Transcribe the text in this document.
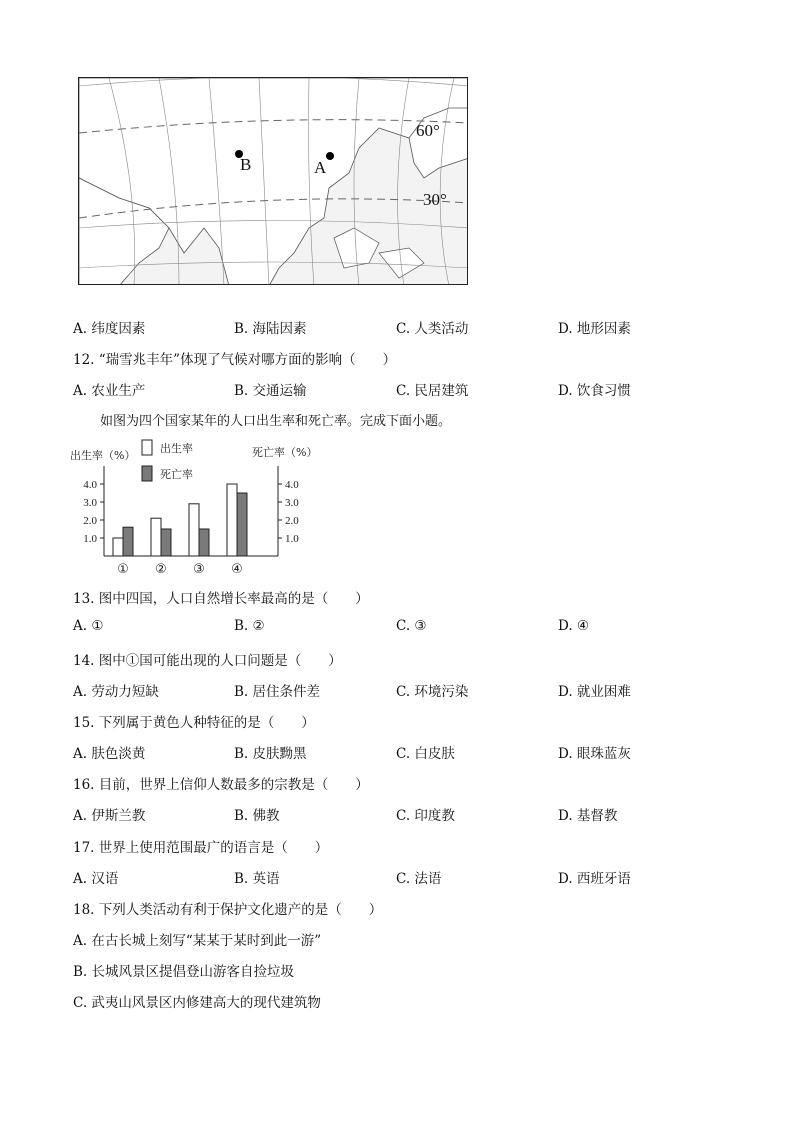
B	A
60°
30°
A. 纬度因素	B. 海陆因素	C. 人类活动	D. 地形因素
12. “瑞雪兆丰年”体现了气候对哪方面的影响（　　）
A. 农业生产	B. 交通运输	C. 民居建筑	D. 饮食习惯
如图为四个国家某年的人口出生率和死亡率。完成下面小题。
1.0	1.0
2.0	2.0
3.0	3.0
4.0	4.0
① ② ③ ④
出生率（%）	死亡率（%）
出生率
死亡率
13. 图中四国，人口自然增长率最高的是（　　）
A. ①	B. ②	C. ③	D. ④
14. 图中①国可能出现的人口问题是（　　）
A. 劳动力短缺	B. 居住条件差	C. 环境污染	D. 就业困难
15. 下列属于黄色人种特征的是（　　）
A. 肤色淡黄	B. 皮肤黝黑	C. 白皮肤	D. 眼珠蓝灰
16. 目前，世界上信仰人数最多的宗教是（　　）
A. 伊斯兰教	B. 佛教	C. 印度教	D. 基督教
17. 世界上使用范围最广的语言是（　　）
A. 汉语	B. 英语	C. 法语	D. 西班牙语
18. 下列人类活动有利于保护文化遗产的是（　　）
A. 在古长城上刻写“某某于某时到此一游”
B. 长城风景区提倡登山游客自捡垃圾
C. 武夷山风景区内修建高大的现代建筑物
